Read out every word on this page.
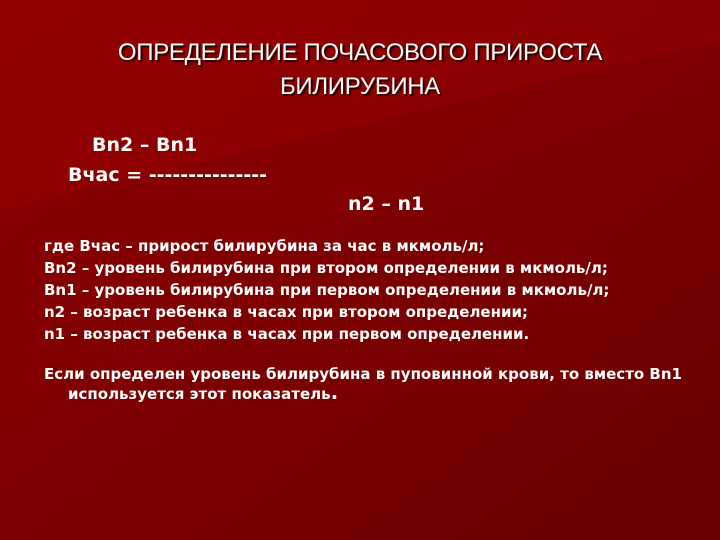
ОПРЕДЕЛЕНИЕ ПОЧАСОВОГО ПРИРОСТА БИЛИРУБИНА
Bn2 – Bn1
Вчас = ---------------
n2 – n1
где Вчас – прирост билирубина за час в мкмоль/л;
Bn2 – уровень билирубина при втором определении в мкмоль/л;
Bn1 – уровень билирубина при первом определении в мкмоль/л;
n2 – возраст ребенка в часах при втором определении;
n1 – возраст ребенка в часах при первом определении.
Если определен уровень билирубина в пуповинной крови, то вместо Bn1 используется этот показатель.
